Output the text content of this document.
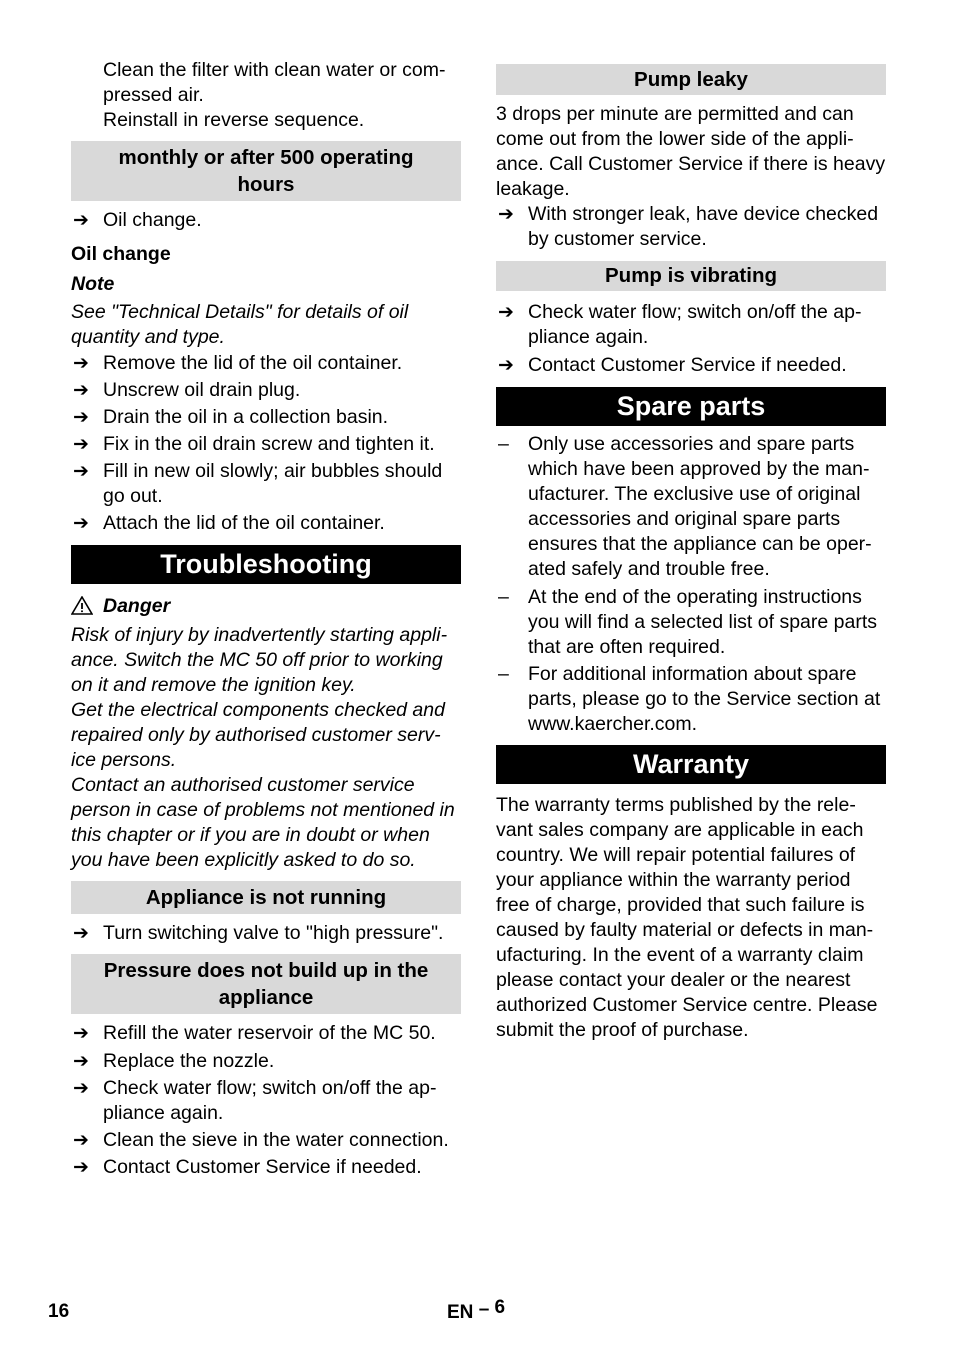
Clean the filter with clean water or com- pressed air.

Reinstall in reverse sequence.

monthly or after 500 operating hours
➔ Oil change.

Oil change

Note

See "Technical Details" for details of oil quantity and type.

➔ Remove the lid of the oil container.
➔ Unscrew oil drain plug.
➔ Drain the oil in a collection basin.
➔ Fix in the oil drain screw and tighten it.
➔ Fill in new oil slowly; air bubbles should go out.
➔ Attach the lid of the oil container.
Troubleshooting
Danger

Risk of injury by inadvertently starting appli-ance. Switch the MC 50 off prior to working on it and remove the ignition key.

Get the electrical components checked and repaired only by authorised customer serv-ice persons.

Contact an authorised customer service person in case of problems not mentioned in this chapter or if you are in doubt or when you have been explicitly asked to do so.

Appliance is not running
➔ Turn switching valve to "high pressure".
Pressure does not build up in the appliance
➔ Refill the water reservoir of the MC 50.
➔ Replace the nozzle.
➔ Check water flow; switch on/off the ap-pliance again.
➔ Clean the sieve in the water connection.
➔ Contact Customer Service if needed.
Pump leaky

3 drops per minute are permitted and can come out from the lower side of the appli-ance. Call Customer Service if there is heavy leakage.

➔ With stronger leak, have device checked by customer service.
Pump is vibrating
➔ Check water flow; switch on/off the ap-pliance again.
➔ Contact Customer Service if needed.
Spare parts
– Only use accessories and spare parts which have been approved by the man-ufacturer. The exclusive use of original accessories and original spare parts ensures that the appliance can be oper-ated safely and trouble free.
– At the end of the operating instructions you will find a selected list of spare parts that are often required.
– For additional information about spare parts, please go to the Service section at www.kaercher.com.
Warranty

The warranty terms published by the rele-vant sales company are applicable in each country. We will repair potential failures of your appliance within the warranty period free of charge, provided that such failure is caused by faulty material or defects in man-ufacturing. In the event of a warranty claim please contact your dealer or the nearest authorized Customer Service centre. Please submit the proof of purchase.

16	EN – 6
